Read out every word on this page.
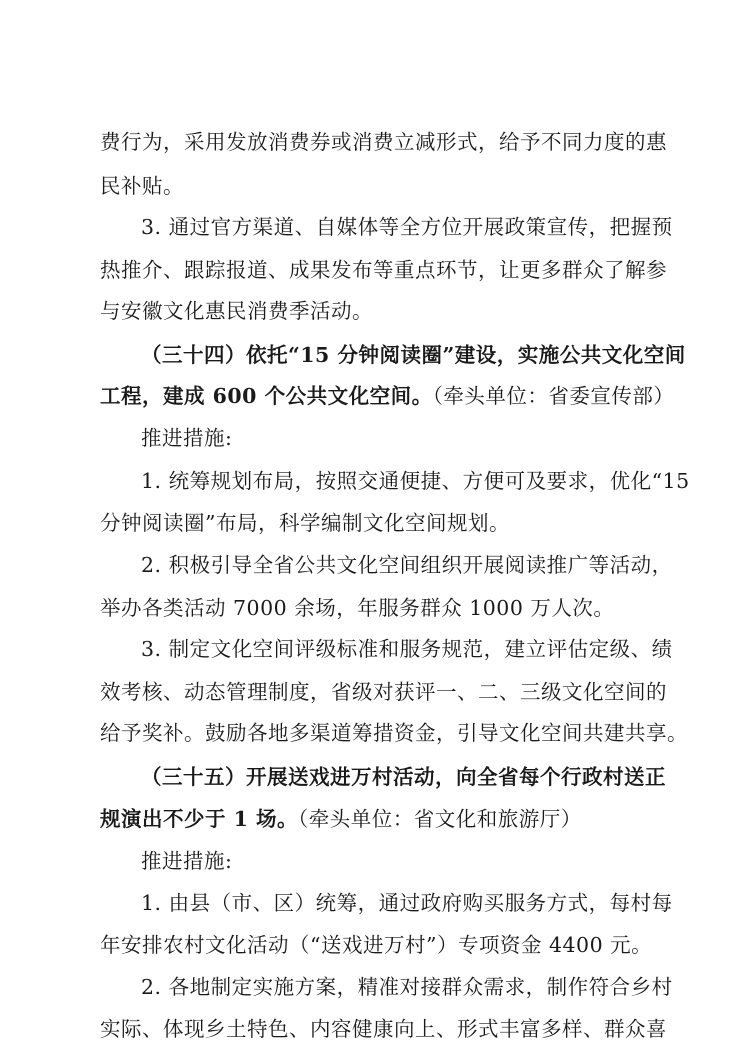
费行为，采用发放消费券或消费立减形式，给予不同力度的惠
民补贴。
3. 通过官方渠道、自媒体等全方位开展政策宣传，把握预
热推介、跟踪报道、成果发布等重点环节，让更多群众了解参
与安徽文化惠民消费季活动。
（三十四）依托“15 分钟阅读圈”建设，实施公共文化空间
工程，建成 600 个公共文化空间。（牵头单位：省委宣传部）
推进措施:
1. 统筹规划布局，按照交通便捷、方便可及要求，优化“15
分钟阅读圈”布局，科学编制文化空间规划。
2. 积极引导全省公共文化空间组织开展阅读推广等活动，
举办各类活动 7000 余场，年服务群众 1000 万人次。
3. 制定文化空间评级标准和服务规范，建立评估定级、绩
效考核、动态管理制度，省级对获评一、二、三级文化空间的
给予奖补。鼓励各地多渠道筹措资金，引导文化空间共建共享。
（三十五）开展送戏进万村活动，向全省每个行政村送正
规演出不少于 1 场。（牵头单位：省文化和旅游厅）
推进措施:
1. 由县（市、区）统筹，通过政府购买服务方式，每村每
年安排农村文化活动（“送戏进万村”）专项资金 4400 元。
2. 各地制定实施方案，精准对接群众需求，制作符合乡村
实际、体现乡土特色、内容健康向上、形式丰富多样、群众喜
